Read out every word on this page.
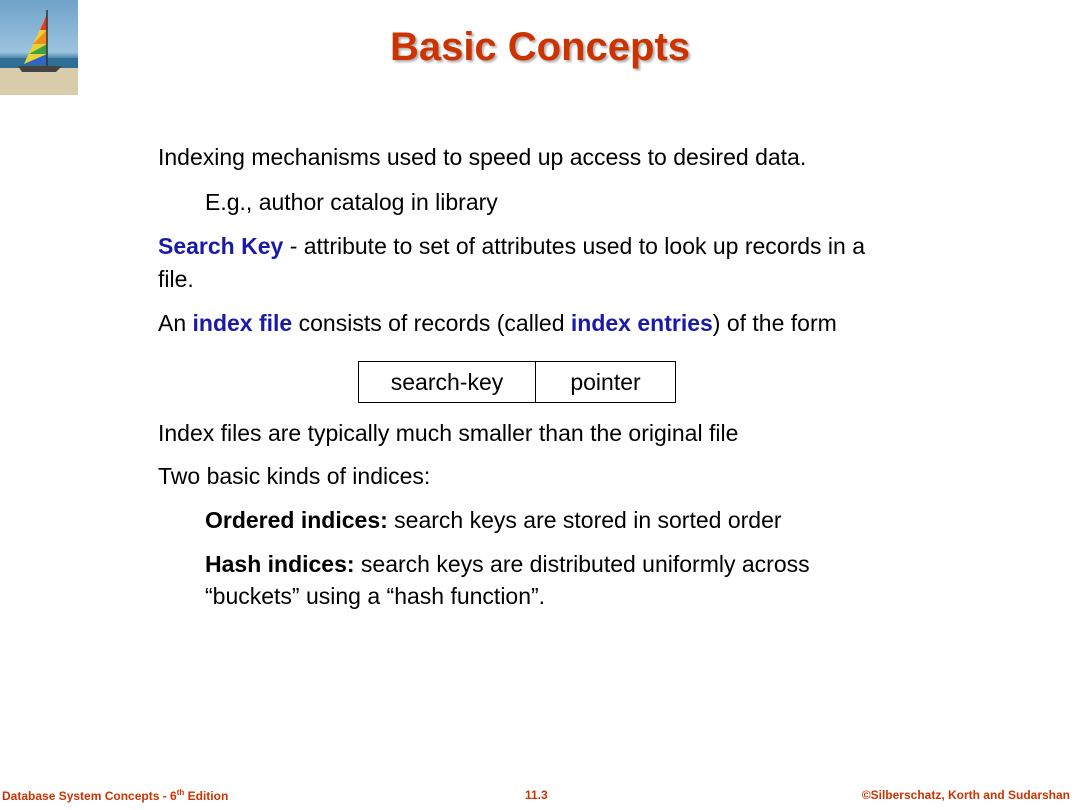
Basic Concepts
Indexing mechanisms used to speed up access to desired data.
E.g., author catalog in library
Search Key - attribute to set of attributes used to look up records in a
file.
An index file consists of records (called index entries) of the form
Index files are typically much smaller than the original file
Two basic kinds of indices:
Ordered indices: search keys are stored in sorted order
Hash indices: search keys are distributed uniformly across
“buckets” using a “hash function”.
search-key	pointer
Database System Concepts - 6th Edition	11.3	©Silberschatz, Korth and Sudarshan
